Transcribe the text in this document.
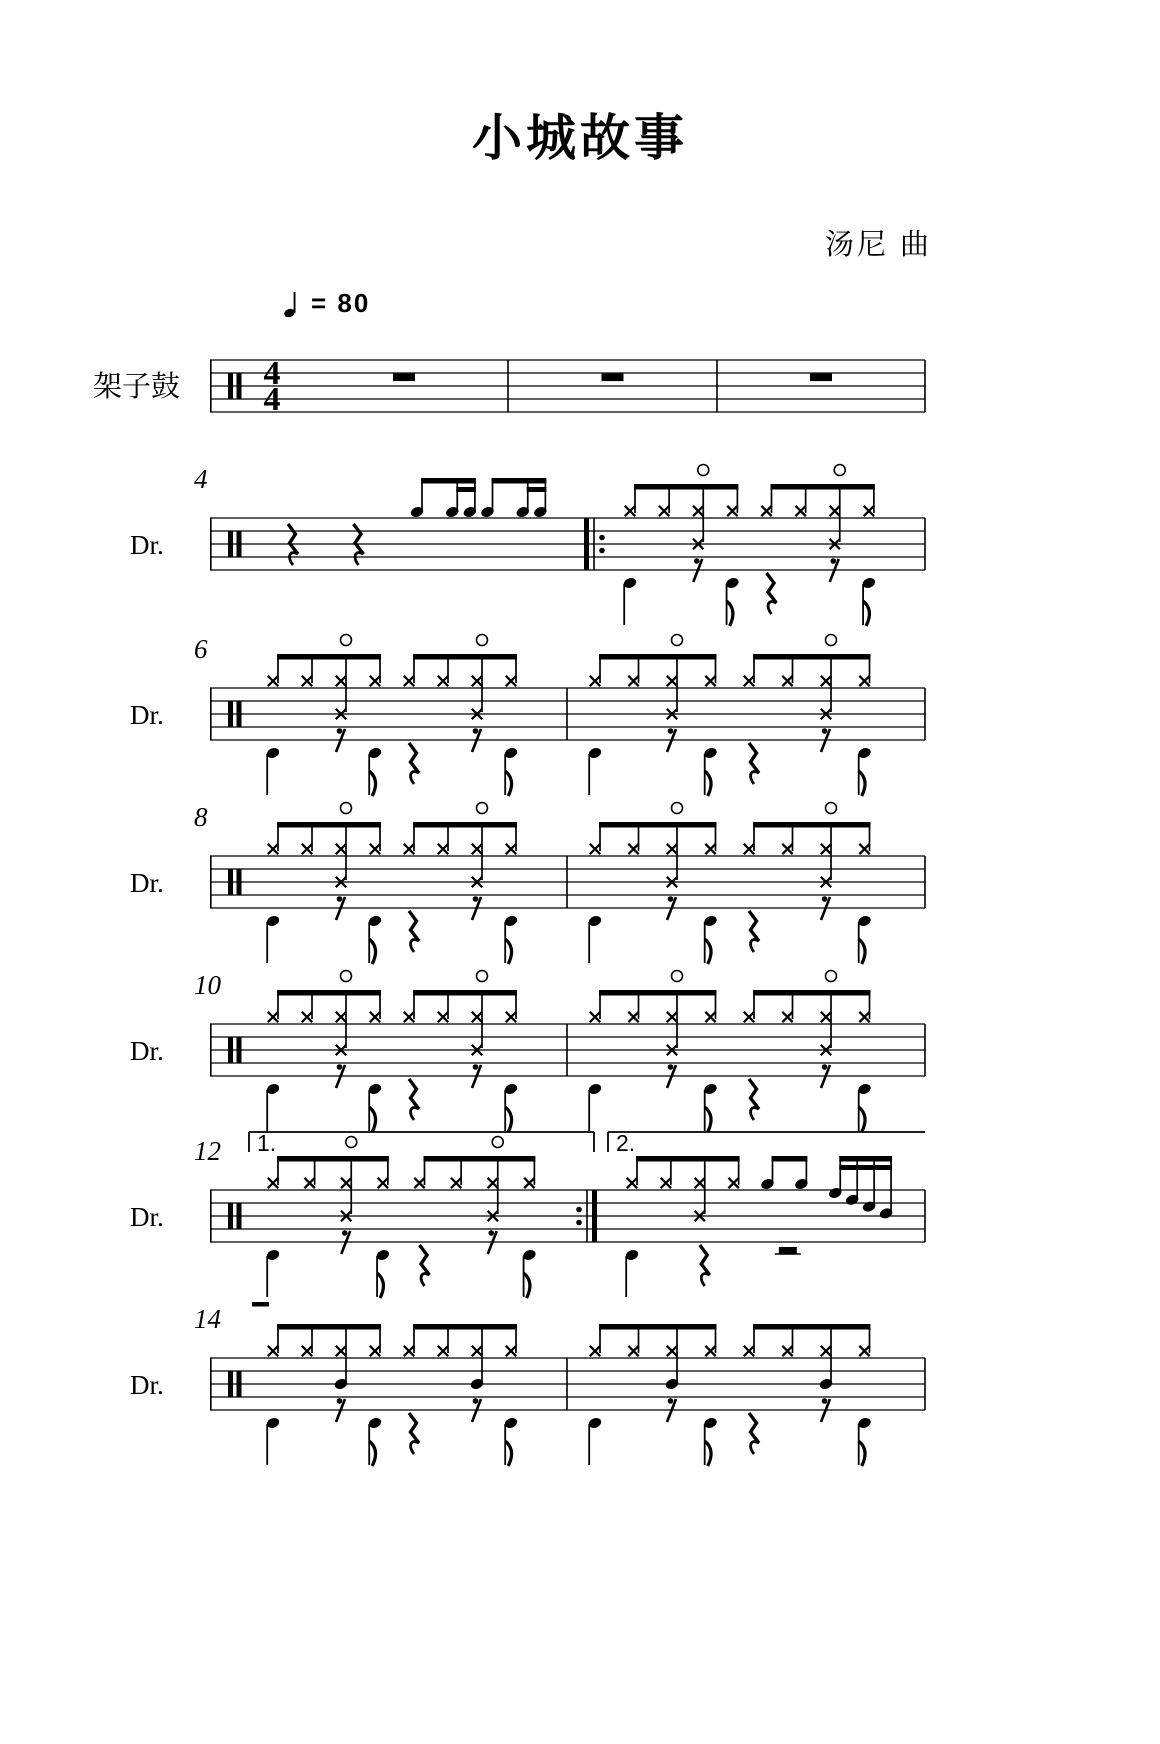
小城故事
汤尼 曲
= 80
架子鼓 4
4
Dr.
4
Dr.
6
Dr.
8
Dr.
10
Dr.
12 1.	2.
Dr.
14
